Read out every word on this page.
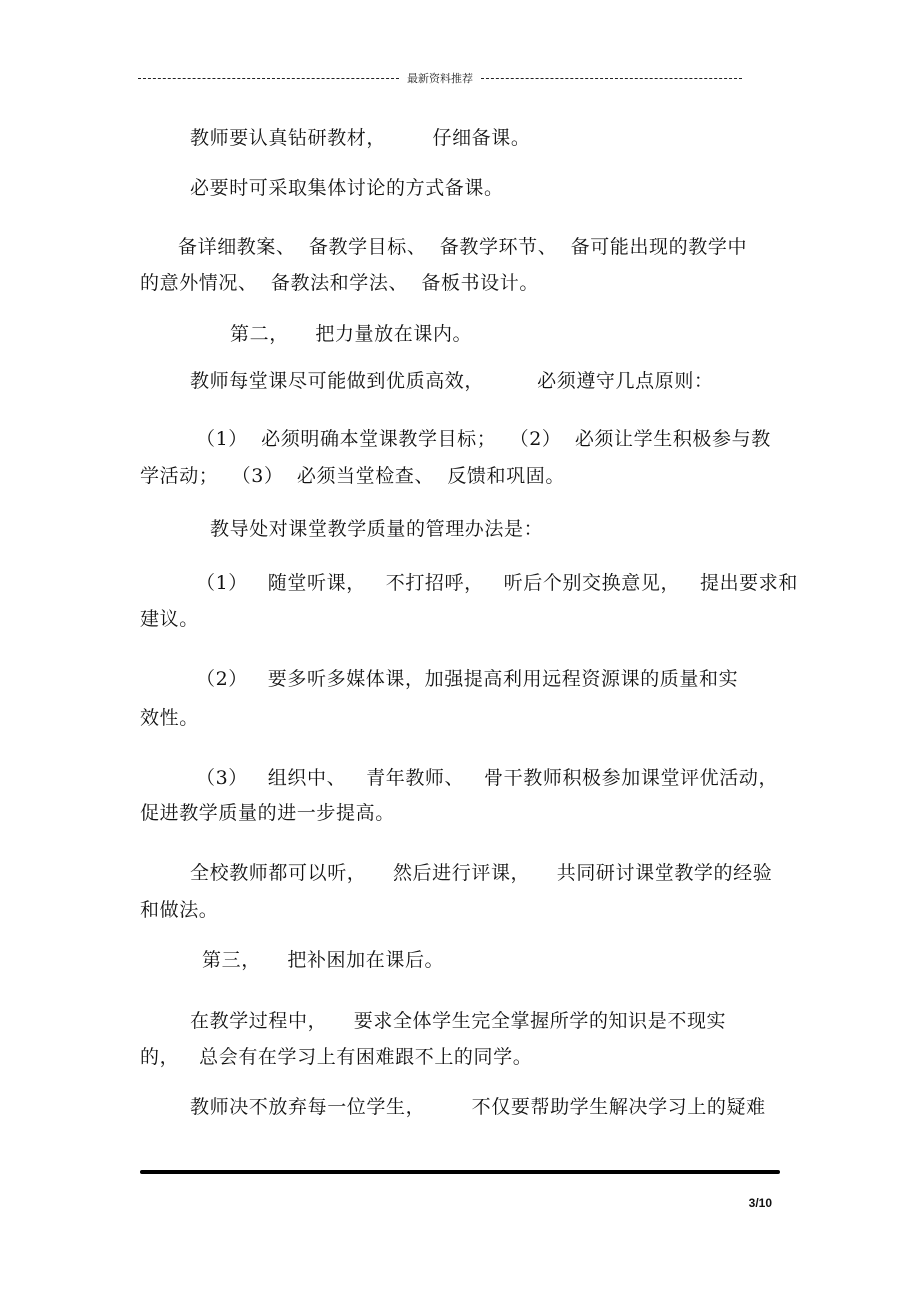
最新资料推荐
教师要认真钻研教材，       仔细备课。
必要时可采取集体讨论的方式备课。
备详细教案、  备教学目标、  备教学环节、  备可能出现的教学中
的意外情况、  备教法和学法、  备板书设计。
第二，    把力量放在课内。
教师每堂课尽可能做到优质高效，        必须遵守几点原则：
（1）  必须明确本堂课教学目标；  （2）  必须让学生积极参与教
学活动；  （3）  必须当堂检查、  反馈和巩固。
教导处对课堂教学质量的管理办法是：
（1）   随堂听课，   不打招呼，   听后个别交换意见，   提出要求和
建议。
（2）   要多听多媒体课，加强提高利用远程资源课的质量和实
效性。
（3）   组织中、   青年教师、   骨干教师积极参加课堂评优活动，
促进教学质量的进一步提高。
全校教师都可以听，    然后进行评课，    共同研讨课堂教学的经验
和做法。
第三，    把补困加在课后。
在教学过程中，    要求全体学生完全掌握所学的知识是不现实
的，   总会有在学习上有困难跟不上的同学。
教师决不放弃每一位学生，       不仅要帮助学生解决学习上的疑难
3/10
